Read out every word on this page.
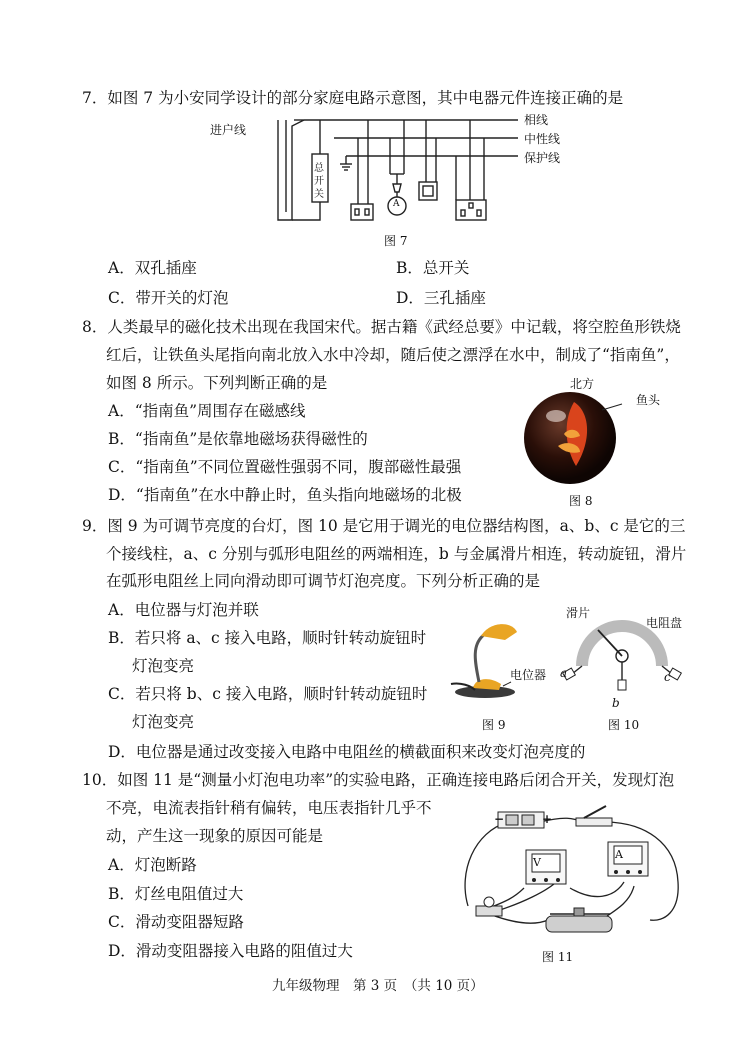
7．如图 7 为小安同学设计的部分家庭电路示意图，其中电器元件连接正确的是
进户线
相线
中性线
保护线
总
开
关
A
图 7
A．双孔插座	B．总开关
C．带开关的灯泡	D．三孔插座
8．人类最早的磁化技术出现在我国宋代。据古籍《武经总要》中记载，将空腔鱼形铁烧
红后，让铁鱼头尾指向南北放入水中冷却，随后使之漂浮在水中，制成了“指南鱼”，
如图 8 所示。下列判断正确的是
A．“指南鱼”周围存在磁感线
B．“指南鱼”是依靠地磁场获得磁性的
C．“指南鱼”不同位置磁性强弱不同，腹部磁性最强
D．“指南鱼”在水中静止时，鱼头指向地磁场的北极
北方
鱼头
图 8
9．图 9 为可调节亮度的台灯，图 10 是它用于调光的电位器结构图，a、b、c 是它的三
个接线柱，a、c 分别与弧形电阻丝的两端相连，b 与金属滑片相连，转动旋钮，滑片
在弧形电阻丝上同向滑动即可调节灯泡亮度。下列分析正确的是
A．电位器与灯泡并联
B．若只将 a、c 接入电路，顺时针转动旋钮时
灯泡变亮
C．若只将 b、c 接入电路，顺时针转动旋钮时
灯泡变亮
D．电位器是通过改变接入电路中电阻丝的横截面积来改变灯泡亮度的
电位器
图 9
滑片
电阻盘
a
b
c
图 10
10．如图 11 是“测量小灯泡电功率”的实验电路，正确连接电路后闭合开关，发现灯泡
不亮，电流表指针稍有偏转，电压表指针几乎不
动，产生这一现象的原因可能是
A．灯泡断路
B．灯丝电阻值过大
C．滑动变阻器短路
D．滑动变阻器接入电路的阻值过大
+
−
V
A
图 11
九年级物理　第 3 页　（共 10 页）
